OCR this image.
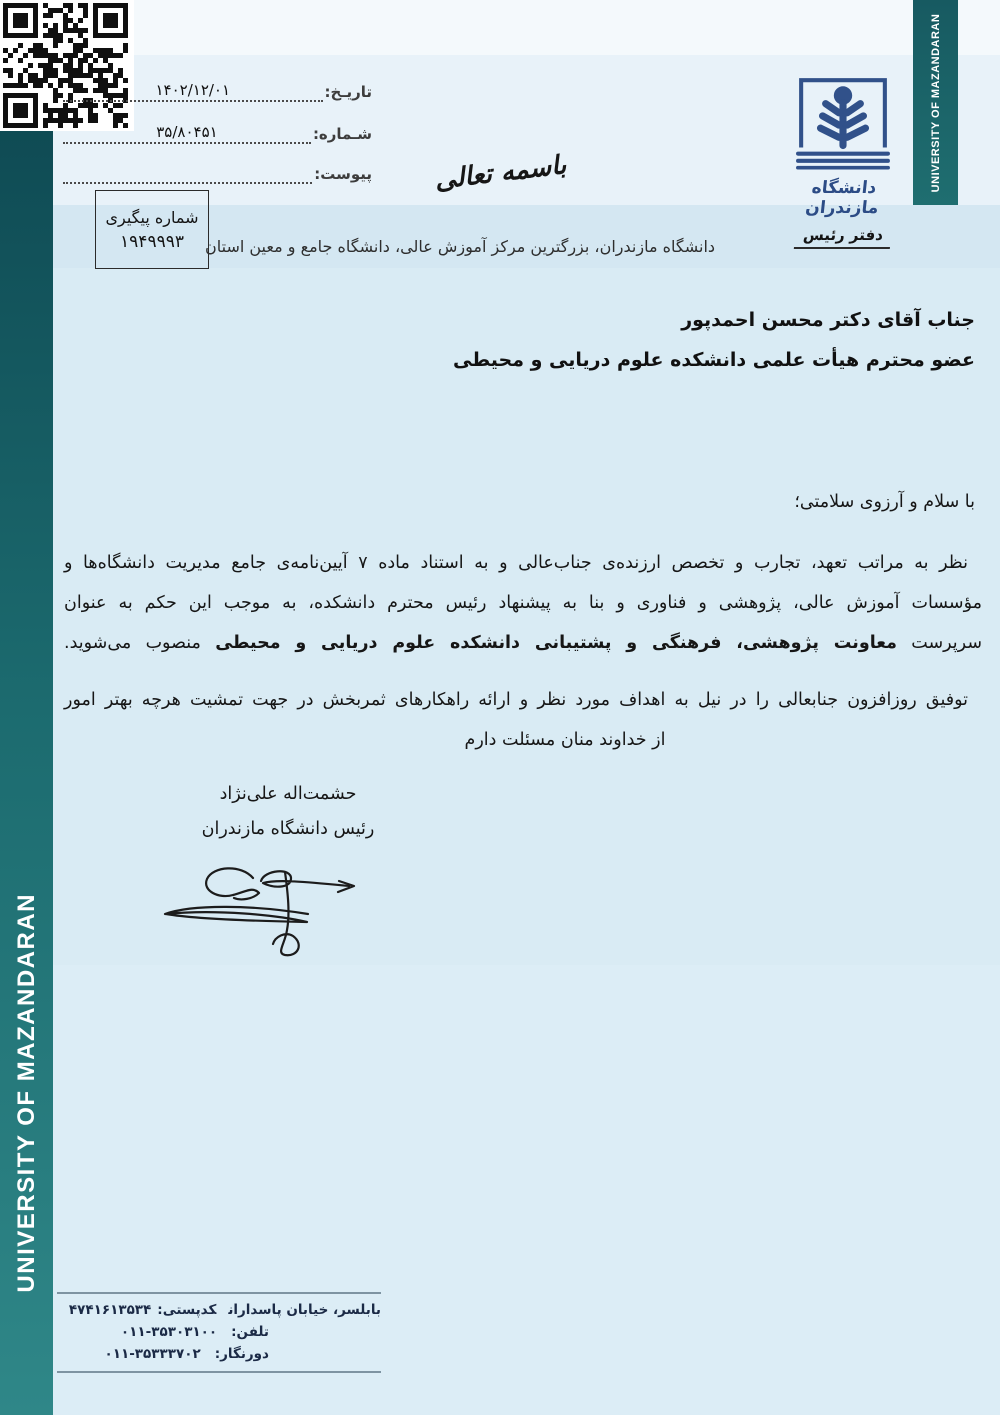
UNIVERSITY OF MAZANDARAN
UNIVERSITY OF MAZANDARAN
تاریـخ:
۱۴۰۲/۱۲/۰۱
شـماره:
۳۵/۸۰۴۵۱
پیوست:
شماره پیگیری
۱۹۴۹۹۹۳
باسمه تعالی
دانشگاه مازندران، بزرگترین مرکز آموزش عالی، دانشگاه جامع و معین استان
دانشگاه مازندران
دفتر رئیس
جناب آقای دکتر محسن احمدپور
عضو محترم هیأت علمی دانشکده علوم دریایی و محیطی
با سلام و آرزوی سلامتی؛
نظر به مراتب تعهد، تجارب و تخصص ارزنده‌ی جناب‌عالی و به استناد ماده ۷ آیین‌نامه‌ی جامع مدیریت دانشگاه‌ها و
مؤسسات آموزش عالی، پژوهشی و فناوری و بنا به پیشنهاد رئیس محترم دانشکده، به موجب این حکم به عنوان
سرپرست معاونت پژوهشی، فرهنگی و پشتیبانی دانشکده علوم دریایی و محیطی منصوب می‌شوید.
توفیق روزافزون جنابعالی را در نیل به اهداف مورد نظر و ارائه راهکارهای ثمربخش در جهت تمشیت هرچه بهتر امور
از خداوند منان مسئلت دارم
حشمت‌اله علی‌نژاد
رئیس دانشگاه مازندران
بابلسر، خیابان پاسدارانکدپستی:۴۷۴۱۶۱۳۵۳۴
تلفن:۰۱۱-۳۵۳۰۳۱۰۰
دورنگار:۰۱۱-۳۵۳۳۳۷۰۲
